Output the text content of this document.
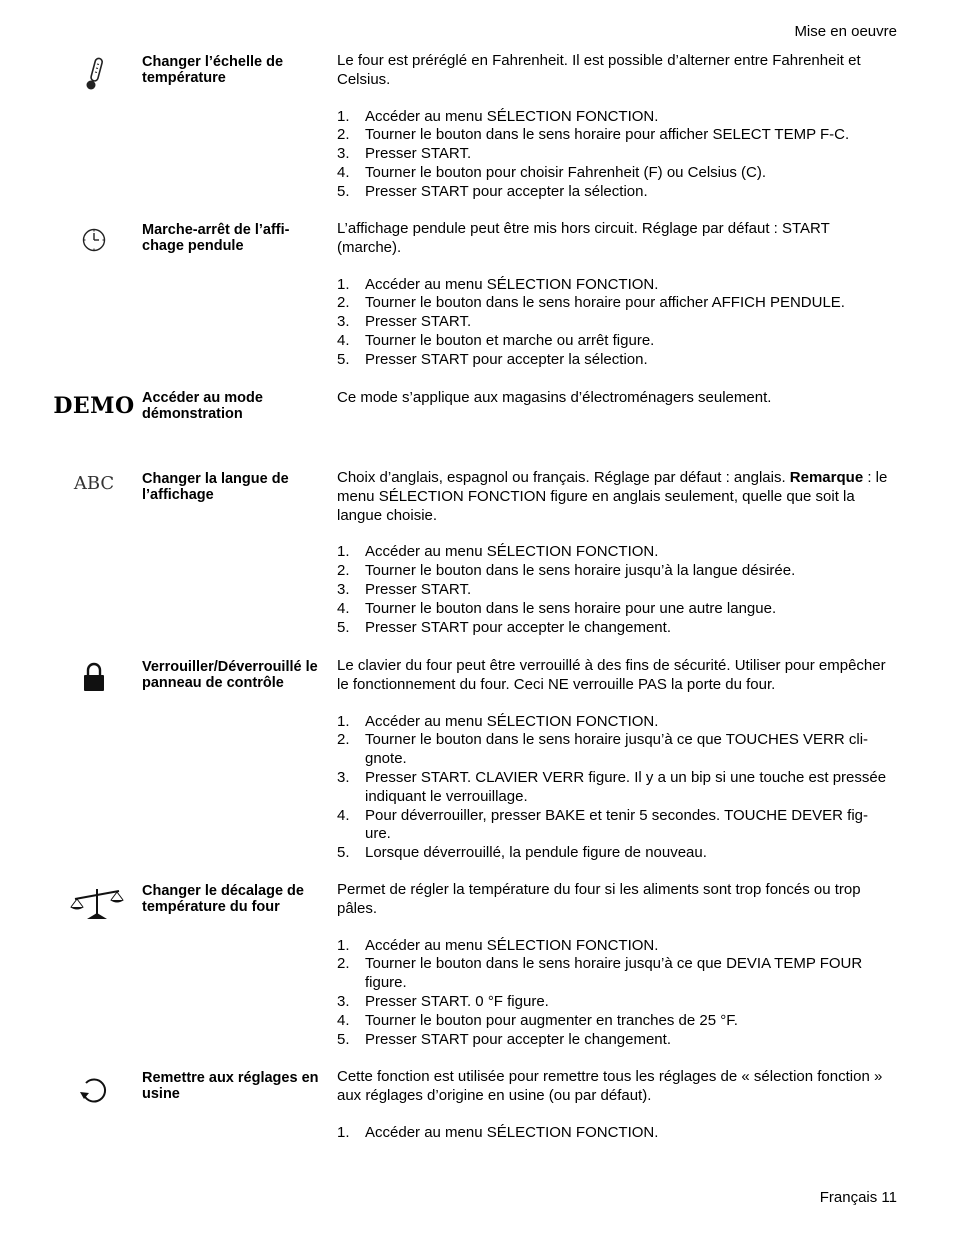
Mise en oeuvre
Changer l’échelle de température

Le four est préréglé en Fahrenheit. Il est possible d’alterner entre Fahrenheit et Celsius.

1. Accéder au menu SÉLECTION FONCTION.
2. Tourner le bouton dans le sens horaire pour afficher SELECT TEMP F-C.
3. Presser START.
4. Tourner le bouton pour choisir Fahrenheit (F) ou Celsius (C).
5. Presser START pour accepter la sélection.
Marche-arrêt de l’affi- chage pendule

L’affichage pendule peut être mis hors circuit. Réglage par défaut : START (marche).

1. Accéder au menu SÉLECTION FONCTION.
2. Tourner le bouton dans le sens horaire pour afficher AFFICH PENDULE.
3. Presser START.
4. Tourner le bouton et marche ou arrêt figure.
5. Presser START pour accepter la sélection.
DEMO Accéder au mode démonstration

Ce mode s’applique aux magasins d’électroménagers seulement.

ABC	Changer la langue de l’affichage

Choix d’anglais, espagnol ou français. Réglage par défaut : anglais. Remarque : le menu SÉLECTION FONCTION figure en anglais seulement, quelle que soit la langue choisie.

1. Accéder au menu SÉLECTION FONCTION.
2. Tourner le bouton dans le sens horaire jusqu’à la langue désirée.
3. Presser START.
4. Tourner le bouton dans le sens horaire pour une autre langue.
5. Presser START pour accepter le changement.
Verrouiller/Déverrouillé le panneau de contrôle

Le clavier du four peut être verrouillé à des fins de sécurité. Utiliser pour empêcher le fonctionnement du four. Ceci NE verrouille PAS la porte du four.

1. Accéder au menu SÉLECTION FONCTION.
2. Tourner le bouton dans le sens horaire jusqu’à ce que TOUCHES VERR cli- gnote.
3. Presser START. CLAVIER VERR figure. Il y a un bip si une touche est pressée indiquant le verrouillage.
4. Pour déverrouiller, presser BAKE et tenir 5 secondes. TOUCHE DEVER fig- ure.
5. Lorsque déverrouillé, la pendule figure de nouveau.
Changer le décalage de température du four

Permet de régler la température du four si les aliments sont trop foncés ou trop pâles.

1. Accéder au menu SÉLECTION FONCTION.
2. Tourner le bouton dans le sens horaire jusqu’à ce que DEVIA TEMP FOUR figure.
3. Presser START. 0 °F figure.
4. Tourner le bouton pour augmenter en tranches de 25 °F.
5. Presser START pour accepter le changement.
Remettre aux réglages en usine

Cette fonction est utilisée pour remettre tous les réglages de « sélection fonction » aux réglages d’origine en usine (ou par défaut).

1. Accéder au menu SÉLECTION FONCTION.
Français 11
